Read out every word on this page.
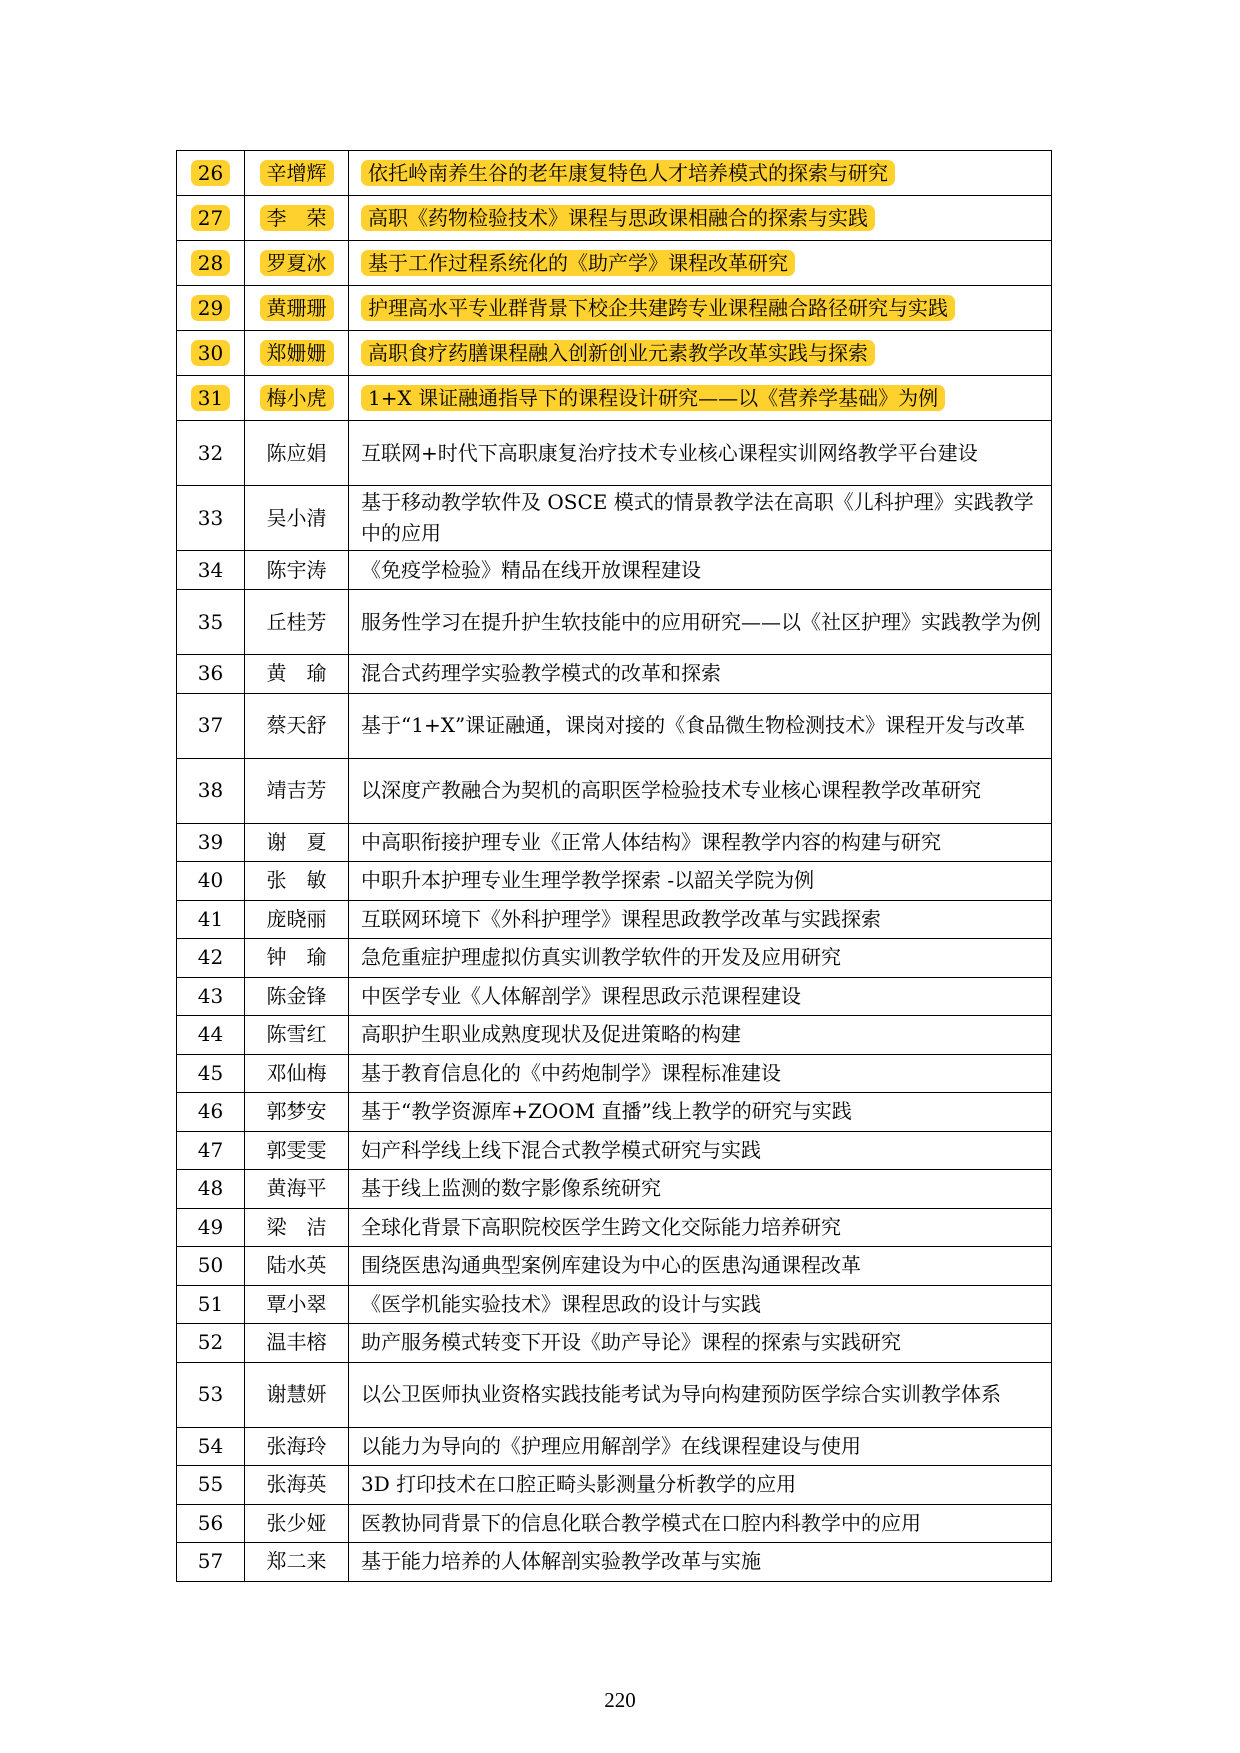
26	辛增辉	依托岭南养生谷的老年康复特色人才培养模式的探索与研究
27	李　荣	高职《药物检验技术》课程与思政课相融合的探索与实践
28	罗夏冰	基于工作过程系统化的《助产学》课程改革研究
29	黄珊珊	护理高水平专业群背景下校企共建跨专业课程融合路径研究与实践
30	郑姗姗	高职食疗药膳课程融入创新创业元素教学改革实践与探索
31	梅小虎	1+X 课证融通指导下的课程设计研究——以《营养学基础》为例
32	陈应娟	互联网+时代下高职康复治疗技术专业核心课程实训网络教学平台建设
33	吴小清	基于移动教学软件及 OSCE 模式的情景教学法在高职《儿科护理》实践教学中的应用
34	陈宇涛	《免疫学检验》精品在线开放课程建设
35	丘桂芳	服务性学习在提升护生软技能中的应用研究——以《社区护理》实践教学为例
36	黄　瑜	混合式药理学实验教学模式的改革和探索
37	蔡天舒	基于“1+X”课证融通，课岗对接的《食品微生物检测技术》课程开发与改革
38	靖吉芳	以深度产教融合为契机的高职医学检验技术专业核心课程教学改革研究
39	谢　夏	中高职衔接护理专业《正常人体结构》课程教学内容的构建与研究
40	张　敏	中职升本护理专业生理学教学探索 -以韶关学院为例
41	庞晓丽	互联网环境下《外科护理学》课程思政教学改革与实践探索
42	钟　瑜	急危重症护理虚拟仿真实训教学软件的开发及应用研究
43	陈金锋	中医学专业《人体解剖学》课程思政示范课程建设
44	陈雪红	高职护生职业成熟度现状及促进策略的构建
45	邓仙梅	基于教育信息化的《中药炮制学》课程标准建设
46	郭梦安	基于“教学资源库+ZOOM 直播”线上教学的研究与实践
47	郭雯雯	妇产科学线上线下混合式教学模式研究与实践
48	黄海平	基于线上监测的数字影像系统研究
49	梁　洁	全球化背景下高职院校医学生跨文化交际能力培养研究
50	陆水英	围绕医患沟通典型案例库建设为中心的医患沟通课程改革
51	覃小翠	《医学机能实验技术》课程思政的设计与实践
52	温丰榕	助产服务模式转变下开设《助产导论》课程的探索与实践研究
53	谢慧妍	以公卫医师执业资格实践技能考试为导向构建预防医学综合实训教学体系
54	张海玲	以能力为导向的《护理应用解剖学》在线课程建设与使用
55	张海英	3D 打印技术在口腔正畸头影测量分析教学的应用
56	张少娅	医教协同背景下的信息化联合教学模式在口腔内科教学中的应用
57	郑二来	基于能力培养的人体解剖实验教学改革与实施
220
